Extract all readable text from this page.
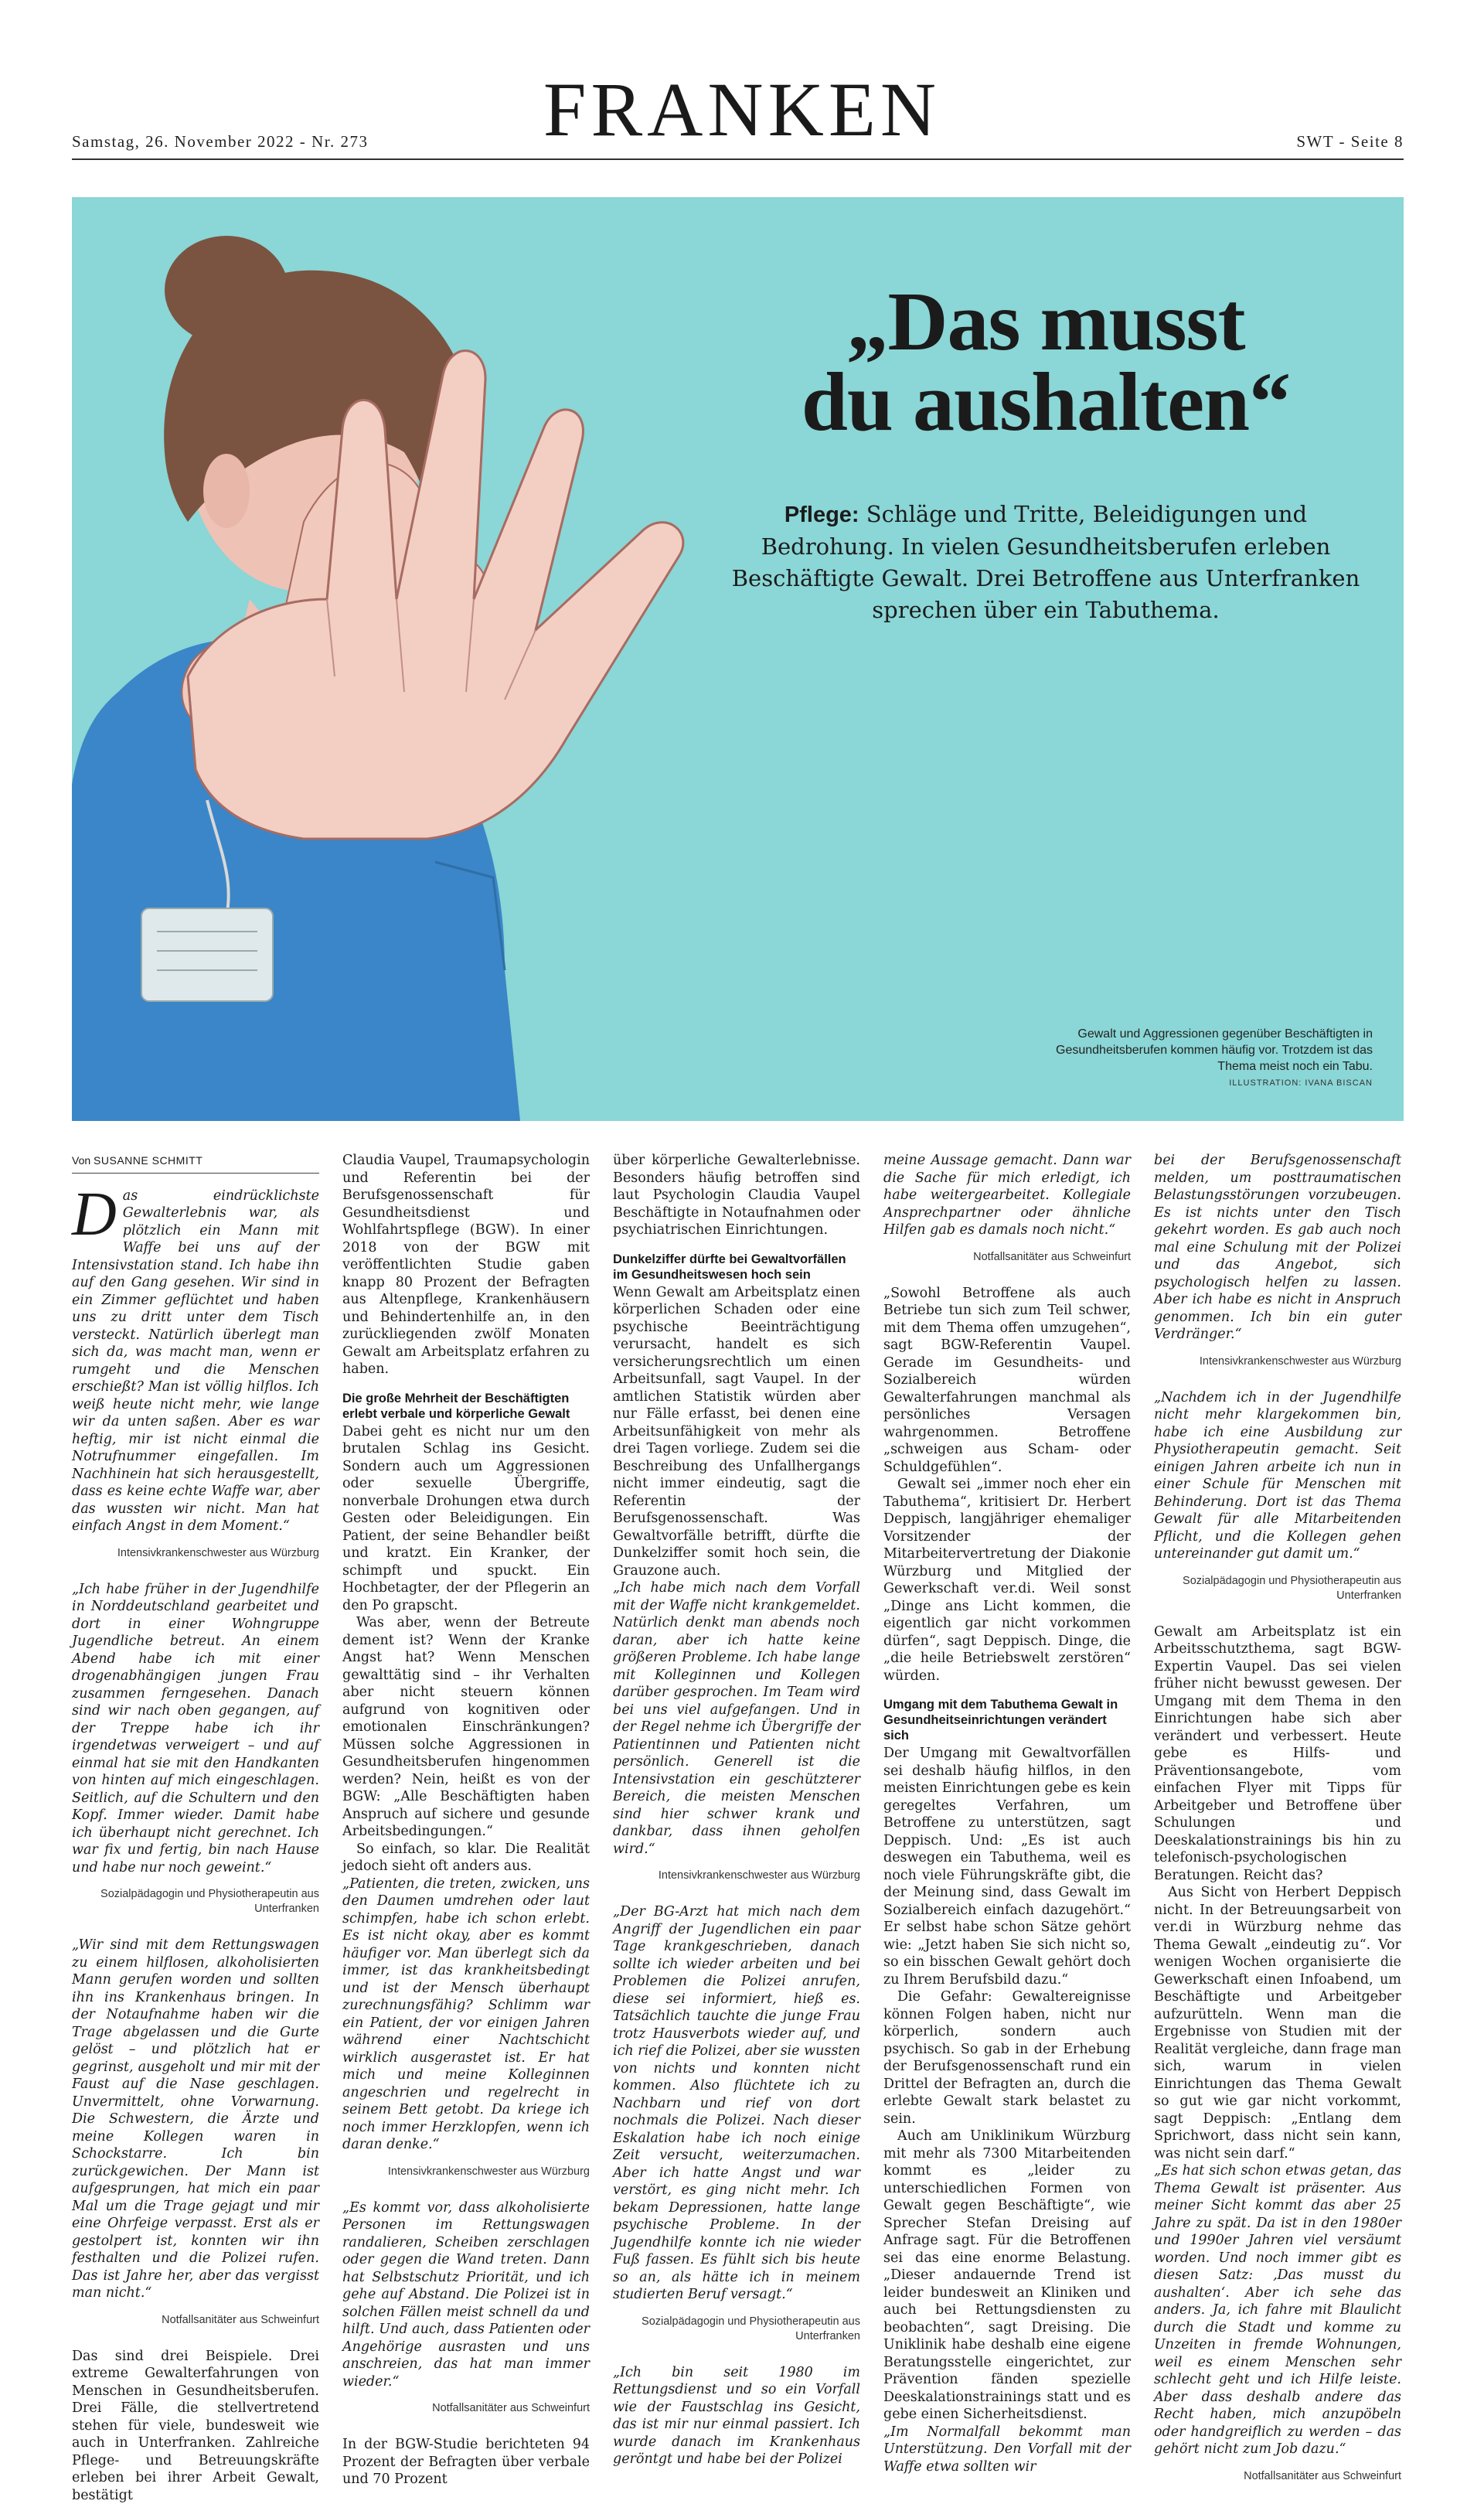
FRANKEN
Samstag, 26. November 2022 - Nr. 273	SWT - Seite 8
„Das musst
du aushalten“
Pflege: Schläge und Tritte, Beleidigungen und Bedrohung. In vielen Gesundheitsberufen erleben Beschäftigte Gewalt. Drei Betroffene aus Unterfranken sprechen über ein Tabuthema.
Gewalt und Aggressionen gegenüber Beschäftigten in Gesundheitsberufen kommen häufig vor. Trotzdem ist das Thema meist noch ein Tabu.
ILLUSTRATION: IVANA BISCAN
Von SUSANNE SCHMITT

Das eindrücklichste Gewalterlebnis war, als plötzlich ein Mann mit Waffe bei uns auf der Intensivstation stand. Ich habe ihn auf den Gang gesehen. Wir sind in ein Zimmer geflüchtet und haben uns zu dritt unter dem Tisch versteckt. Natürlich überlegt man sich da, was macht man, wenn er rumgeht und die Menschen erschießt? Man ist völlig hilflos. Ich weiß heute nicht mehr, wie lange wir da unten saßen. Aber es war heftig, mir ist nicht einmal die Notrufnummer eingefallen. Im Nachhinein hat sich herausgestellt, dass es keine echte Waffe war, aber das wussten wir nicht. Man hat einfach Angst in dem Moment.“

Intensivkrankenschwester aus Würzburg

„Ich habe früher in der Jugendhilfe in Norddeutschland gearbeitet und dort in einer Wohngruppe Jugendliche betreut. An einem Abend habe ich mit einer drogenabhängigen jungen Frau zusammen ferngesehen. Danach sind wir nach oben gegangen, auf der Treppe habe ich ihr irgendetwas verweigert – und auf einmal hat sie mit den Handkanten von hinten auf mich eingeschlagen. Seitlich, auf die Schultern und den Kopf. Immer wieder. Damit habe ich überhaupt nicht gerechnet. Ich war fix und fertig, bin nach Hause und habe nur noch geweint.“

Sozialpädagogin und Physiotherapeutin aus Unterfranken

„Wir sind mit dem Rettungswagen zu einem hilflosen, alkoholisierten Mann gerufen worden und sollten ihn ins Krankenhaus bringen. In der Notaufnahme haben wir die Trage abgelassen und die Gurte gelöst – und plötzlich hat er gegrinst, ausgeholt und mir mit der Faust auf die Nase geschlagen. Unvermittelt, ohne Vorwarnung. Die Schwestern, die Ärzte und meine Kollegen waren in Schockstarre. Ich bin zurückgewichen. Der Mann ist aufgesprungen, hat mich ein paar Mal um die Trage gejagt und mir eine Ohrfeige verpasst. Erst als er gestolpert ist, konnten wir ihn festhalten und die Polizei rufen. Das ist Jahre her, aber das vergisst man nicht.“

Notfallsanitäter aus Schweinfurt

Das sind drei Beispiele. Drei extreme Gewalterfahrungen von Menschen in Gesundheitsberufen. Drei Fälle, die stellvertretend stehen für viele, bundesweit wie auch in Unterfranken. Zahlreiche Pflege- und Betreuungskräfte erleben bei ihrer Arbeit Gewalt, bestätigt

Claudia Vaupel, Traumapsychologin und Referentin bei der Berufsgenossenschaft für Gesundheitsdienst und Wohlfahrtspflege (BGW). In einer 2018 von der BGW mit veröffentlichten Studie gaben knapp 80 Prozent der Befragten aus Altenpflege, Krankenhäusern und Behindertenhilfe an, in den zurückliegenden zwölf Monaten Gewalt am Arbeitsplatz erfahren zu haben.

Die große Mehrheit der Beschäftigten erlebt verbale und körperliche Gewalt

Dabei geht es nicht nur um den brutalen Schlag ins Gesicht. Sondern auch um Aggressionen oder sexuelle Übergriffe, nonverbale Drohungen etwa durch Gesten oder Beleidigungen. Ein Patient, der seine Behandler beißt und kratzt. Ein Kranker, der schimpft und spuckt. Ein Hochbetagter, der der Pflegerin an den Po grapscht.

Was aber, wenn der Betreute dement ist? Wenn der Kranke Angst hat? Wenn Menschen gewalttätig sind – ihr Verhalten aber nicht steuern können aufgrund von kognitiven oder emotionalen Einschränkungen? Müssen solche Aggressionen in Gesundheitsberufen hingenommen werden? Nein, heißt es von der BGW: „Alle Beschäftigten haben Anspruch auf sichere und gesunde Arbeitsbedingungen.“

So einfach, so klar. Die Realität jedoch sieht oft anders aus.

„Patienten, die treten, zwicken, uns den Daumen umdrehen oder laut schimpfen, habe ich schon erlebt. Es ist nicht okay, aber es kommt häufiger vor. Man überlegt sich da immer, ist das krankheitsbedingt und ist der Mensch überhaupt zurechnungsfähig? Schlimm war ein Patient, der vor einigen Jahren während einer Nachtschicht wirklich ausgerastet ist. Er hat mich und meine Kolleginnen angeschrien und regelrecht in seinem Bett getobt. Da kriege ich noch immer Herzklopfen, wenn ich daran denke.“

Intensivkrankenschwester aus Würzburg

„Es kommt vor, dass alkoholisierte Personen im Rettungswagen randalieren, Scheiben zerschlagen oder gegen die Wand treten. Dann hat Selbstschutz Priorität, und ich gehe auf Abstand. Die Polizei ist in solchen Fällen meist schnell da und hilft. Und auch, dass Patienten oder Angehörige ausrasten und uns anschreien, das hat man immer wieder.“

Notfallsanitäter aus Schweinfurt

In der BGW-Studie berichteten 94 Prozent der Befragten über verbale und 70 Prozent

über körperliche Gewalterlebnisse. Besonders häufig betroffen sind laut Psychologin Claudia Vaupel Beschäftigte in Notaufnahmen oder psychiatrischen Einrichtungen.

Dunkelziffer dürfte bei Gewaltvorfällen im Gesundheitswesen hoch sein

Wenn Gewalt am Arbeitsplatz einen körperlichen Schaden oder eine psychische Beeinträchtigung verursacht, handelt es sich versicherungsrechtlich um einen Arbeitsunfall, sagt Vaupel. In der amtlichen Statistik würden aber nur Fälle erfasst, bei denen eine Arbeitsunfähigkeit von mehr als drei Tagen vorliege. Zudem sei die Beschreibung des Unfallhergangs nicht immer eindeutig, sagt die Referentin der Berufsgenossenschaft. Was Gewaltvorfälle betrifft, dürfte die Dunkelziffer somit hoch sein, die Grauzone auch.

„Ich habe mich nach dem Vorfall mit der Waffe nicht krankgemeldet. Natürlich denkt man abends noch daran, aber ich hatte keine größeren Probleme. Ich habe lange mit Kolleginnen und Kollegen darüber gesprochen. Im Team wird bei uns viel aufgefangen. Und in der Regel nehme ich Übergriffe der Patientinnen und Patienten nicht persönlich. Generell ist die Intensivstation ein geschützterer Bereich, die meisten Menschen sind hier schwer krank und dankbar, dass ihnen geholfen wird.“

Intensivkrankenschwester aus Würzburg

„Der BG-Arzt hat mich nach dem Angriff der Jugendlichen ein paar Tage krankgeschrieben, danach sollte ich wieder arbeiten und bei Problemen die Polizei anrufen, diese sei informiert, hieß es. Tatsächlich tauchte die junge Frau trotz Hausverbots wieder auf, und ich rief die Polizei, aber sie wussten von nichts und konnten nicht kommen. Also flüchtete ich zu Nachbarn und rief von dort nochmals die Polizei. Nach dieser Eskalation habe ich noch einige Zeit versucht, weiterzumachen. Aber ich hatte Angst und war verstört, es ging nicht mehr. Ich bekam Depressionen, hatte lange psychische Probleme. In der Jugendhilfe konnte ich nie wieder Fuß fassen. Es fühlt sich bis heute so an, als hätte ich in meinem studierten Beruf versagt.“

Sozialpädagogin und Physiotherapeutin aus Unterfranken

„Ich bin seit 1980 im Rettungsdienst und so ein Vorfall wie der Faustschlag ins Gesicht, das ist mir nur einmal passiert. Ich wurde danach im Krankenhaus geröntgt und habe bei der Polizei

meine Aussage gemacht. Dann war die Sache für mich erledigt, ich habe weitergearbeitet. Kollegiale Ansprechpartner oder ähnliche Hilfen gab es damals noch nicht.“

Notfallsanitäter aus Schweinfurt

„Sowohl Betroffene als auch Betriebe tun sich zum Teil schwer, mit dem Thema offen umzugehen“, sagt BGW-Referentin Vaupel. Gerade im Gesundheits- und Sozialbereich würden Gewalterfahrungen manchmal als persönliches Versagen wahrgenommen. Betroffene „schweigen aus Scham- oder Schuldgefühlen“.

Gewalt sei „immer noch eher ein Tabuthema“, kritisiert Dr. Herbert Deppisch, langjähriger ehemaliger Vorsitzender der Mitarbeitervertretung der Diakonie Würzburg und Mitglied der Gewerkschaft ver.di. Weil sonst „Dinge ans Licht kommen, die eigentlich gar nicht vorkommen dürfen“, sagt Deppisch. Dinge, die „die heile Betriebswelt zerstören“ würden.

Umgang mit dem Tabuthema Gewalt in Gesundheitseinrichtungen verändert sich

Der Umgang mit Gewaltvorfällen sei deshalb häufig hilflos, in den meisten Einrichtungen gebe es kein geregeltes Verfahren, um Betroffene zu unterstützen, sagt Deppisch. Und: „Es ist auch deswegen ein Tabuthema, weil es noch viele Führungskräfte gibt, die der Meinung sind, dass Gewalt im Sozialbereich einfach dazugehört.“ Er selbst habe schon Sätze gehört wie: „Jetzt haben Sie sich nicht so, so ein bisschen Gewalt gehört doch zu Ihrem Berufsbild dazu.“

Die Gefahr: Gewaltereignisse können Folgen haben, nicht nur körperlich, sondern auch psychisch. So gab in der Erhebung der Berufsgenossenschaft rund ein Drittel der Befragten an, durch die erlebte Gewalt stark belastet zu sein.

Auch am Uniklinikum Würzburg mit mehr als 7300 Mitarbeitenden kommt es „leider zu unterschiedlichen Formen von Gewalt gegen Beschäftigte“, wie Sprecher Stefan Dreising auf Anfrage sagt. Für die Betroffenen sei das eine enorme Belastung. „Dieser andauernde Trend ist leider bundesweit an Kliniken und auch bei Rettungsdiensten zu beobachten“, sagt Dreising. Die Uniklinik habe deshalb eine eigene Beratungsstelle eingerichtet, zur Prävention fänden spezielle Deeskalationstrainings statt und es gebe einen Sicherheitsdienst.

„Im Normalfall bekommt man Unterstützung. Den Vorfall mit der Waffe etwa sollten wir

bei der Berufsgenossenschaft melden, um posttraumatischen Belastungsstörungen vorzubeugen. Es ist nichts unter den Tisch gekehrt worden. Es gab auch noch mal eine Schulung mit der Polizei und das Angebot, sich psychologisch helfen zu lassen. Aber ich habe es nicht in Anspruch genommen. Ich bin ein guter Verdränger.“

Intensivkrankenschwester aus Würzburg

„Nachdem ich in der Jugendhilfe nicht mehr klargekommen bin, habe ich eine Ausbildung zur Physiotherapeutin gemacht. Seit einigen Jahren arbeite ich nun in einer Schule für Menschen mit Behinderung. Dort ist das Thema Gewalt für alle Mitarbeitenden Pflicht, und die Kollegen gehen untereinander gut damit um.“

Sozialpädagogin und Physiotherapeutin aus Unterfranken

Gewalt am Arbeitsplatz ist ein Arbeitsschutzthema, sagt BGW-Expertin Vaupel. Das sei vielen früher nicht bewusst gewesen. Der Umgang mit dem Thema in den Einrichtungen habe sich aber verändert und verbessert. Heute gebe es Hilfs- und Präventionsangebote, vom einfachen Flyer mit Tipps für Arbeitgeber und Betroffene über Schulungen und Deeskalationstrainings bis hin zu telefonisch-psychologischen Beratungen. Reicht das?

Aus Sicht von Herbert Deppisch nicht. In der Betreuungsarbeit von ver.di in Würzburg nehme das Thema Gewalt „eindeutig zu“. Vor wenigen Wochen organisierte die Gewerkschaft einen Infoabend, um Beschäftigte und Arbeitgeber aufzurütteln. Wenn man die Ergebnisse von Studien mit der Realität vergleiche, dann frage man sich, warum in vielen Einrichtungen das Thema Gewalt so gut wie gar nicht vorkommt, sagt Deppisch: „Entlang dem Sprichwort, dass nicht sein kann, was nicht sein darf.“

„Es hat sich schon etwas getan, das Thema Gewalt ist präsenter. Aus meiner Sicht kommt das aber 25 Jahre zu spät. Da ist in den 1980er und 1990er Jahren viel versäumt worden. Und noch immer gibt es diesen Satz: ‚Das musst du aushalten‘. Aber ich sehe das anders. Ja, ich fahre mit Blaulicht durch die Stadt und komme zu Unzeiten in fremde Wohnungen, weil es einem Menschen sehr schlecht geht und ich Hilfe leiste. Aber dass deshalb andere das Recht haben, mich anzupöbeln oder handgreiflich zu werden – das gehört nicht zum Job dazu.“

Notfallsanitäter aus Schweinfurt
